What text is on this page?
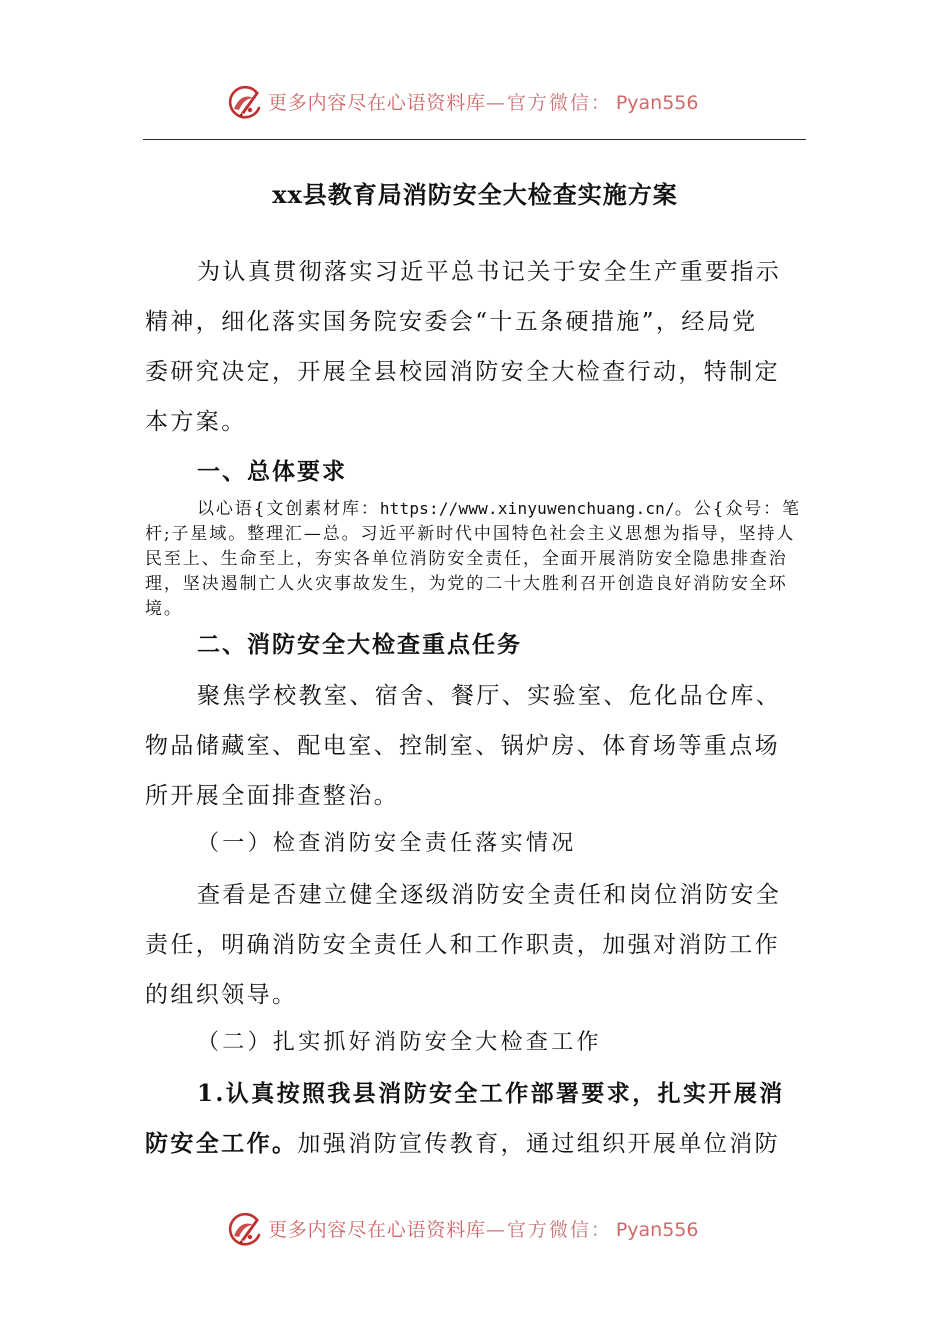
更多内容尽在心语资料库 —官方微信： Pyan556
xx县教育局消防安全大检查实施方案
为认真贯彻落实习近平总书记关于安全生产重要指示
精神，细化落实国务院安委会“十五条硬措施”，经局党
委研究决定，开展全县校园消防安全大检查行动，特制定
本方案。
一、总体要求
以心语{文创素材库：https://www.xinyuwenchuang.cn/。公{众号：笔
杆;子星域。整理汇—总。习近平新时代中国特色社会主义思想为指导，坚持人
民至上、生命至上，夯实各单位消防安全责任，全面开展消防安全隐患排查治
理，坚决遏制亡人火灾事故发生，为党的二十大胜利召开创造良好消防安全环
境。
二、消防安全大检查重点任务
聚焦学校教室、宿舍、餐厅、实验室、危化品仓库、
物品储藏室、配电室、控制室、锅炉房、体育场等重点场
所开展全面排查整治。
（一）检查消防安全责任落实情况
查看是否建立健全逐级消防安全责任和岗位消防安全
责任，明确消防安全责任人和工作职责，加强对消防工作
的组织领导。
（二）扎实抓好消防安全大检查工作
1.认真按照我县消防安全工作部署要求，扎实开展消
防安全工作。加强消防宣传教育，通过组织开展单位消防
更多内容尽在心语资料库 —官方微信： Pyan556
